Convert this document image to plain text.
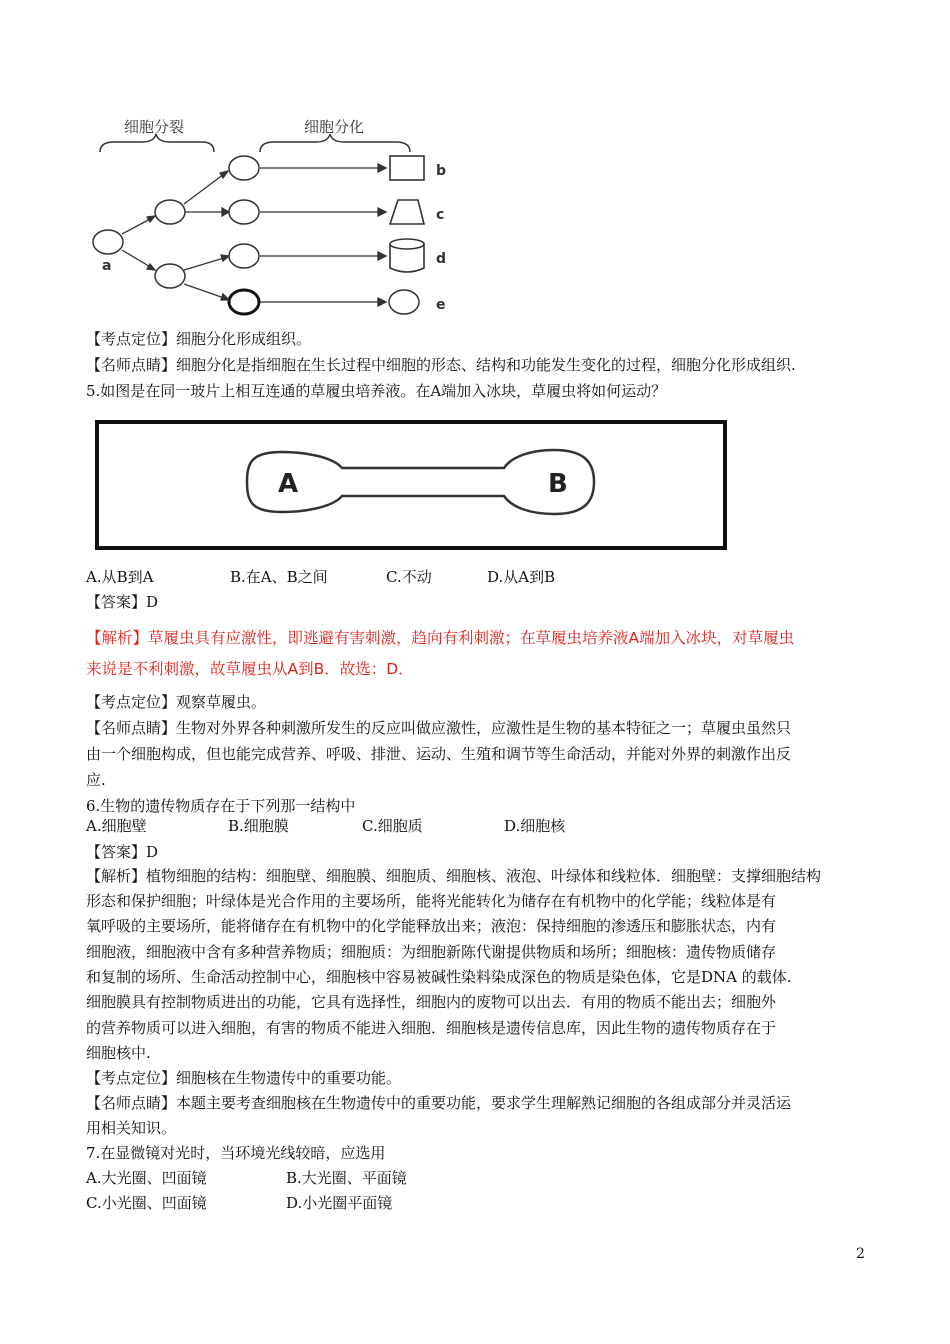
细胞分裂	细胞分化
a
b
c
d
e
【考点定位】细胞分化形成组织。
【名师点睛】细胞分化是指细胞在生长过程中细胞的形态、结构和功能发生变化的过程，细胞分化形成组织.
5.如图是在同一玻片上相互连通的草履虫培养液。在A端加入冰块，草履虫将如何运动？
A	B
A.从B到A	B.在A、B之间	C.不动	D.从A到B
【答案】D
【解析】草履虫具有应激性，即逃避有害刺激，趋向有利刺激；在草履虫培养液A端加入冰块，对草履虫
来说是不利刺激，故草履虫从A到B．故选：D．
【考点定位】观察草履虫。
【名师点睛】生物对外界各种刺激所发生的反应叫做应激性，应激性是生物的基本特征之一；草履虫虽然只
由一个细胞构成，但也能完成营养、呼吸、排泄、运动、生殖和调节等生命活动，并能对外界的刺激作出反
应.
6.生物的遗传物质存在于下列那一结构中
A.细胞壁	B.细胞膜	C.细胞质	D.细胞核
【答案】D
【解析】植物细胞的结构：细胞壁、细胞膜、细胞质、细胞核、液泡、叶绿体和线粒体．细胞壁：支撑细胞结构
形态和保护细胞；叶绿体是光合作用的主要场所，能将光能转化为储存在有机物中的化学能；线粒体是有
氧呼吸的主要场所，能将储存在有机物中的化学能释放出来；液泡：保持细胞的渗透压和膨胀状态，内有
细胞液，细胞液中含有多种营养物质；细胞质：为细胞新陈代谢提供物质和场所；细胞核：遗传物质储存
和复制的场所、生命活动控制中心，细胞核中容易被碱性染料染成深色的物质是染色体，它是DNA 的载体.
细胞膜具有控制物质进出的功能，它具有选择性，细胞内的废物可以出去．有用的物质不能出去；细胞外
的营养物质可以进入细胞，有害的物质不能进入细胞．细胞核是遗传信息库，因此生物的遗传物质存在于
细胞核中.
【考点定位】细胞核在生物遗传中的重要功能。
【名师点睛】本题主要考查细胞核在生物遗传中的重要功能，要求学生理解熟记细胞的各组成部分并灵活运
用相关知识。
7.在显微镜对光时，当环境光线较暗，应选用
A.大光圈、凹面镜	B.大光圈、平面镜
C.小光圈、凹面镜	D.小光圈平面镜
2
